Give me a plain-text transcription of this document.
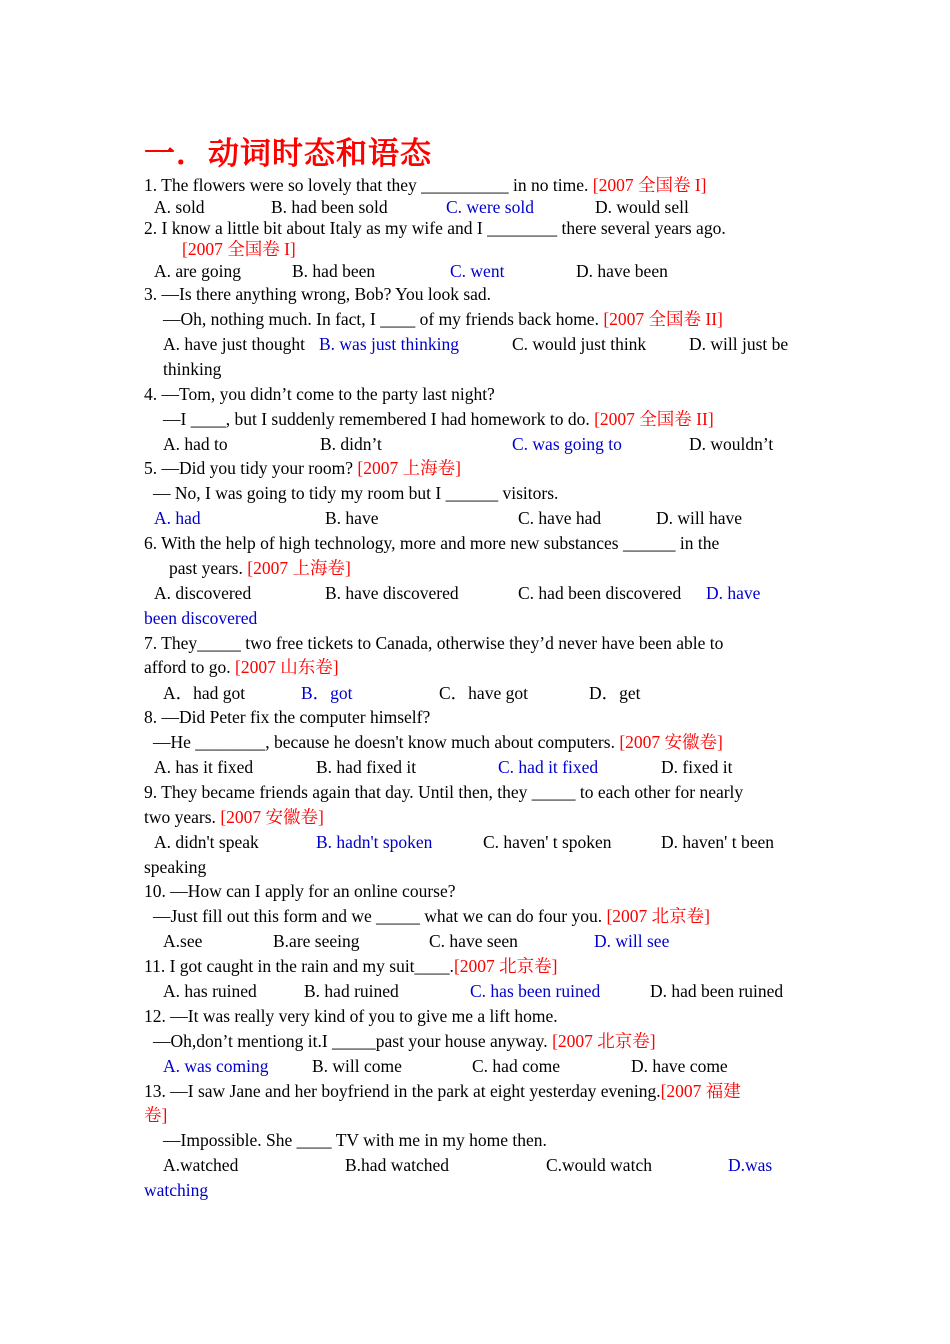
一．动词时态和语态
1. The flowers were so lovely that they __________ in no time. [2007 全国卷 I]
A. sold	B. had been sold	C. were sold	D. would sell
2. I know a little bit about Italy as my wife and I ________ there several years ago.
[2007 全国卷 I]
A. are going	B. had been	C. went	D. have been
3. —Is there anything wrong, Bob? You look sad.
—Oh, nothing much. In fact, I ____ of my friends back home. [2007 全国卷 II]
A. have just thought B. was just thinking	C. would just think D. will just be
thinking
4. —Tom, you didn’t come to the party last night?
—I ____, but I suddenly remembered I had homework to do. [2007 全国卷 II]
A. had to	B. didn’t	C. was going to	D. wouldn’t
5. —Did you tidy your room? [2007 上海卷]
— No, I was going to tidy my room but I ______ visitors.
A. had	B. have	C. have had	D. will have
6. With the help of high technology, more and more new substances ______ in the
past years. [2007 上海卷]
A. discovered	B. have discovered	C. had been discovered D. have
been discovered
7. They_____ two free tickets to Canada, otherwise they’d never have been able to
afford to go. [2007 山东卷]
A．had got	B．got	C．have got	D．get
8. —Did Peter fix the computer himself?
—He ________, because he doesn't know much about computers. [2007 安徽卷]
A. has it fixed	B. had fixed it	C. had it fixed	D. fixed it
9. They became friends again that day. Until then, they _____ to each other for nearly
two years. [2007 安徽卷]
A. didn't speak	B. hadn't spoken	C. haven' t spoken	D. haven' t been
speaking
10. —How can I apply for an online course?
—Just fill out this form and we _____ what we can do four you. [2007 北京卷]
A.see	B.are seeing	C. have seen	D. will see
11. I got caught in the rain and my suit____.[2007 北京卷]
A. has ruined	B. had ruined	C. has been ruined	D. had been ruined
12. —It was really very kind of you to give me a lift home.
—Oh,don’t mentiong it.I _____past your house anyway. [2007 北京卷]
A. was coming B. will come	C. had come	D. have come
13. —I saw Jane and her boyfriend in the park at eight yesterday evening.[2007 福建
卷]
—Impossible. She ____ TV with me in my home then.
A.watched	B.had watched	C.would watch	D.was
watching
